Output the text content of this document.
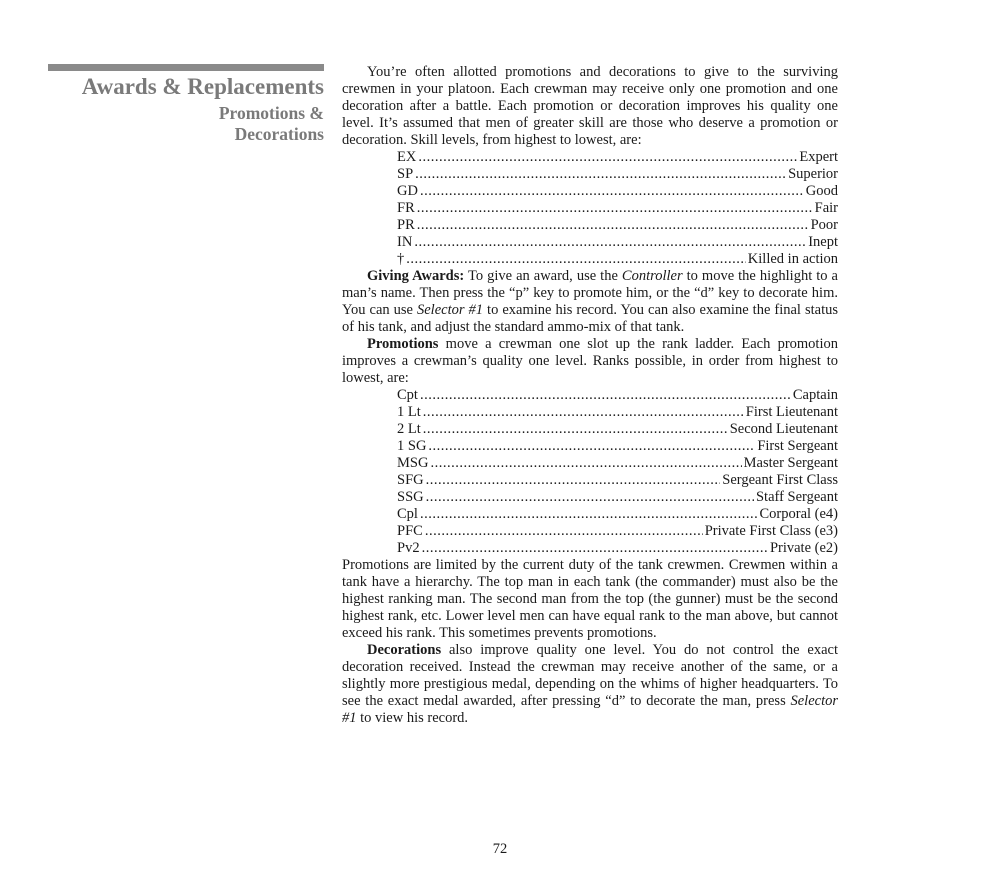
Awards & Replacements
Promotions &
Decorations

You’re often allotted promotions and decorations to give to the surviving crewmen in your platoon. Each crewman may receive only one promotion and one decoration after a battle. Each promotion or decoration improves his quality one level. It’s assumed that men of greater skill are those who deserve a promotion or decoration. Skill levels, from highest to lowest, are:

EX .....	Expert
SP .....	Superior
GD .....	Good
FR .....	Fair
PR .....	Poor
IN .....	Inept
† .....	Killed in action

Giving Awards: To give an award, use the Controller to move the highlight to a man’s name. Then press the “p” key to promote him, or the “d” key to decorate him. You can use Selector #1 to examine his record. You can also examine the final status of his tank, and adjust the standard ammo-mix of that tank.

Promotions move a crewman one slot up the rank ladder. Each promotion improves a crewman’s quality one level. Ranks possible, in order from highest to lowest, are:

Cpt .....	Captain
1 Lt .....	First Lieutenant
2 Lt .....	Second Lieutenant
1 SG .....	First Sergeant
MSG .....	Master Sergeant
SFG .....	Sergeant First Class
SSG .....	Staff Sergeant
Cpl .....	Corporal (e4)
PFC .....	Private First Class (e3)
Pv2 .....	Private (e2)

Promotions are limited by the current duty of the tank crewmen. Crewmen within a tank have a hierarchy. The top man in each tank (the commander) must also be the highest ranking man. The second man from the top (the gunner) must be the second highest rank, etc. Lower level men can have equal rank to the man above, but cannot exceed his rank. This sometimes prevents promotions.

Decorations also improve quality one level. You do not control the exact decoration received. Instead the crewman may receive another of the same, or a slightly more prestigious medal, depending on the whims of higher headquarters. To see the exact medal awarded, after pressing “d” to decorate the man, press Selector #1 to view his record.

72
